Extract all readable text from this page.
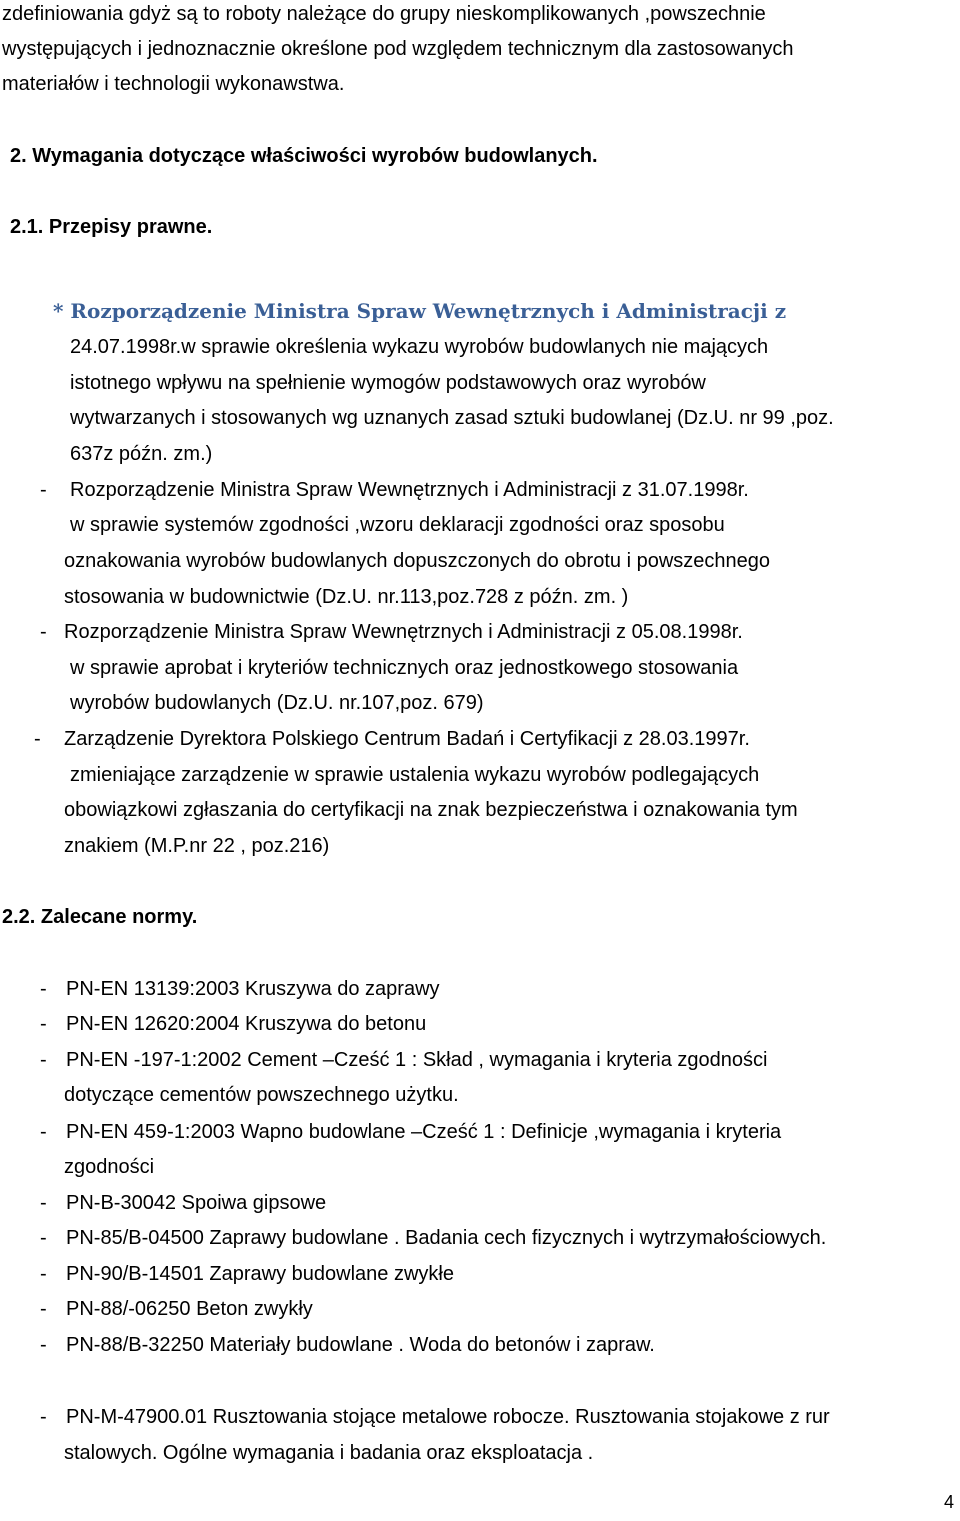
zdefiniowania gdyż są to roboty należące do grupy nieskomplikowanych ,powszechnie
występujących i jednoznacznie określone pod względem technicznym dla zastosowanych
materiałów i technologii wykonawstwa.
2. Wymagania dotyczące właściwości wyrobów budowlanych.
2.1. Przepisy prawne.
* Rozporządzenie Ministra Spraw Wewnętrznych i Administracji z
24.07.1998r.w sprawie określenia wykazu wyrobów budowlanych nie mających
istotnego wpływu na spełnienie wymogów podstawowych oraz wyrobów
wytwarzanych i stosowanych wg uznanych zasad sztuki budowlanej (Dz.U. nr 99 ,poz.
637z późn. zm.)
- Rozporządzenie Ministra Spraw Wewnętrznych i Administracji z 31.07.1998r.
w sprawie systemów zgodności ,wzoru deklaracji zgodności oraz sposobu
oznakowania wyrobów budowlanych dopuszczonych do obrotu i powszechnego
stosowania w budownictwie (Dz.U. nr.113,poz.728 z późn. zm. )
- Rozporządzenie Ministra Spraw Wewnętrznych i Administracji z 05.08.1998r.
w sprawie aprobat i kryteriów technicznych oraz jednostkowego stosowania
wyrobów budowlanych (Dz.U. nr.107,poz. 679)
- Zarządzenie Dyrektora Polskiego Centrum Badań i Certyfikacji z 28.03.1997r.
zmieniające zarządzenie w sprawie ustalenia wykazu wyrobów podlegających
obowiązkowi zgłaszania do certyfikacji na znak bezpieczeństwa i oznakowania tym
znakiem (M.P.nr 22 , poz.216)
2.2. Zalecane normy.
- PN-EN 13139:2003 Kruszywa do zaprawy
- PN-EN 12620:2004 Kruszywa do betonu
- PN-EN -197-1:2002 Cement –Cześć 1 : Skład , wymagania i kryteria zgodności
dotyczące cementów powszechnego użytku.
- PN-EN 459-1:2003 Wapno budowlane –Cześć 1 : Definicje ,wymagania i kryteria
zgodności
- PN-B-30042 Spoiwa gipsowe
- PN-85/B-04500 Zaprawy budowlane . Badania cech fizycznych i wytrzymałościowych.
- PN-90/B-14501 Zaprawy budowlane zwykłe
- PN-88/-06250 Beton zwykły
- PN-88/B-32250 Materiały budowlane . Woda do betonów i zapraw.
- PN-M-47900.01 Rusztowania stojące metalowe robocze. Rusztowania stojakowe z rur
stalowych. Ogólne wymagania i badania oraz eksploatacja .
4
